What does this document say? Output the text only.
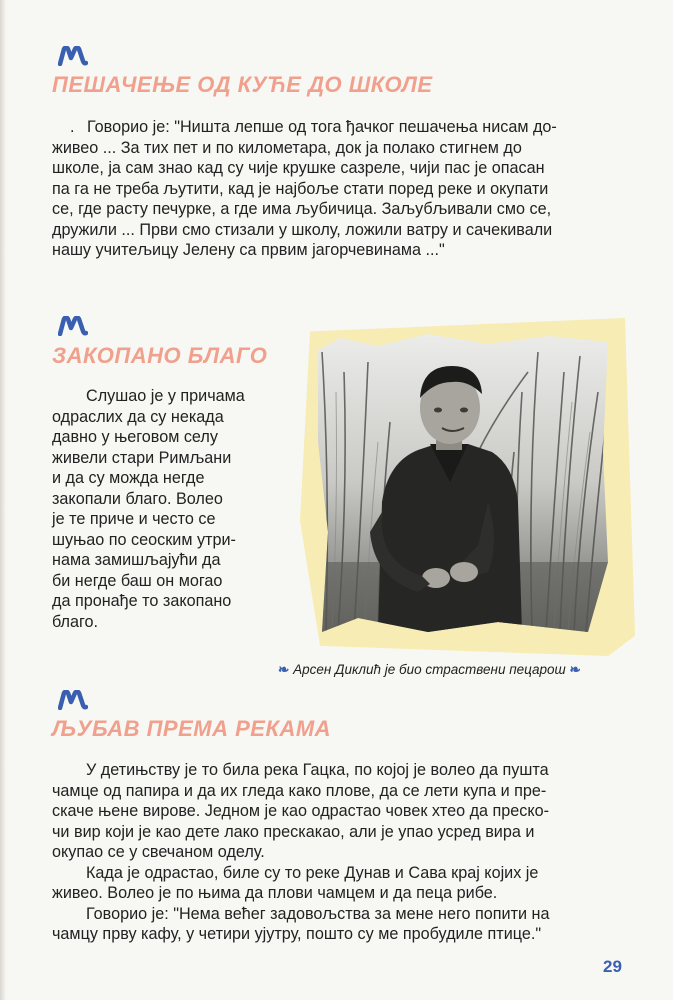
ПЕШАЧЕЊЕ ОД КУЋЕ ДО ШКОЛЕ

. Говорио је: "Ништа лепше од тога ђачког пешачења нисам до-

живео ... За тих пет и по километара, док ја полако стигнем до

школе, ја сам знао кад су чије крушке сазреле, чији пас је опасан

па га не треба љутити, кад је најбоље стати поред реке и окупати

се, где расту печурке, а где има љубичица. Заљубљивали смо се,

дружили ... Први смо стизали у школу, ложили ватру и сачекивали

нашу учитељицу Јелену са првим јагорчевинама ..."

ЗАКОПАНО БЛАГО

Слушао је у причама

одраслих да су некада

давно у његовом селу

живели стари Римљани

и да су можда негде

закопали благо. Волео

је те приче и често се

шуњао по сеоским утри-

нама замишљајући да

би негде баш он могао

да пронађе то закопано

благо.

❧ Арсен Диклић је био страствени пецарош ❧
ЉУБАВ ПРЕМА РЕКАМА

У детињству је то била река Гацка, по којој је волео да пушта

чамце од папира и да их гледа како плове, да се лети купа и пре-

скаче њене вирове. Једном је као одрастао човек хтео да преско-

чи вир који је као дете лако прескакао, али је упао усред вира и

окупао се у свечаном оделу.

Када је одрастао, биле су то реке Дунав и Сава крај којих је

живео. Волео је по њима да плови чамцем и да пеца рибе.

Говорио је: "Нема већег задовољства за мене него попити на

чамцу прву кафу, у четири ујутру, пошто су ме пробудиле птице."

29
